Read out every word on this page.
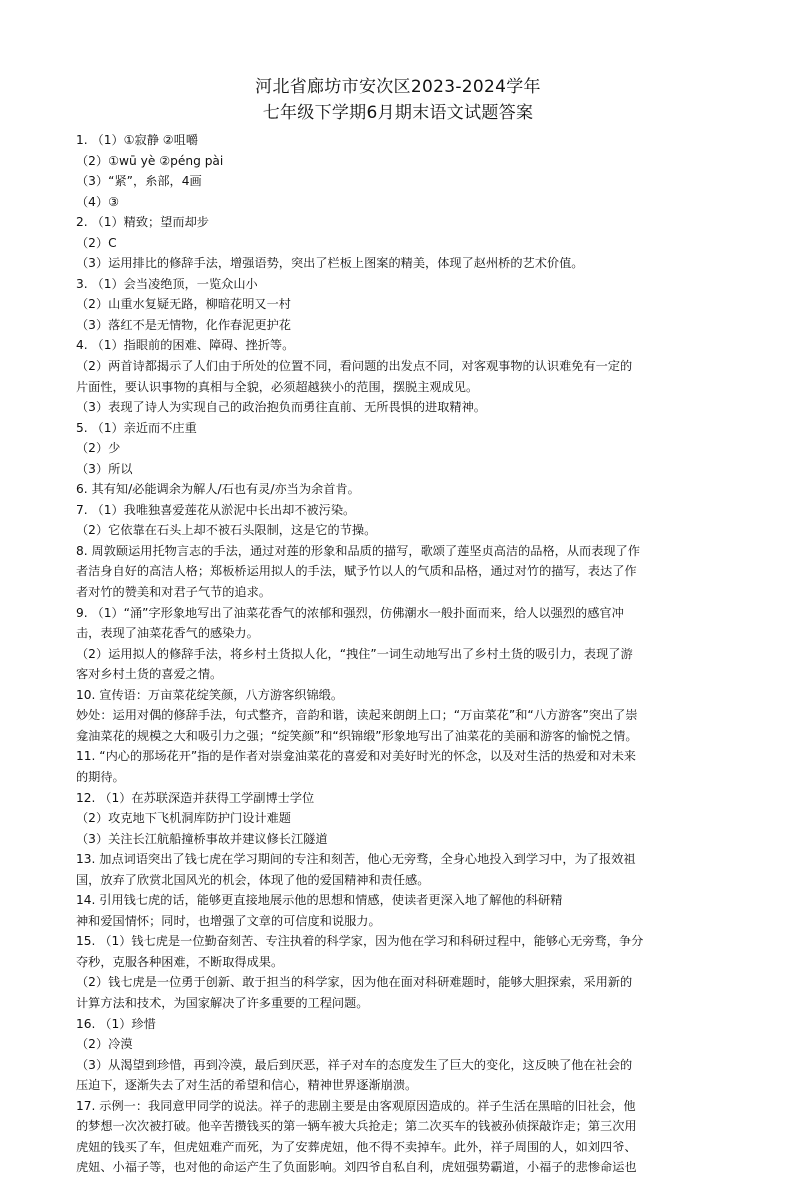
河北省廊坊市安次区2023-2024学年
七年级下学期6月期末语文试题答案
1. （1）①寂静 ②咀嚼
（2）①wū yè ②péng pài
（3）“紧”，糸部，4画
（4）③
2. （1）精致；望而却步
（2）C
（3）运用排比的修辞手法，增强语势，突出了栏板上图案的精美，体现了赵州桥的艺术价值。
3. （1）会当凌绝顶，一览众山小
（2）山重水复疑无路，柳暗花明又一村
（3）落红不是无情物，化作春泥更护花
4. （1）指眼前的困难、障碍、挫折等。
（2）两首诗都揭示了人们由于所处的位置不同，看问题的出发点不同，对客观事物的认识难免有一定的
片面性，要认识事物的真相与全貌，必须超越狭小的范围，摆脱主观成见。
（3）表现了诗人为实现自己的政治抱负而勇往直前、无所畏惧的进取精神。
5. （1）亲近而不庄重
（2）少
（3）所以
6. 其有知/必能调余为解人/石也有灵/亦当为余首肯。
7. （1）我唯独喜爱莲花从淤泥中长出却不被污染。
（2）它依靠在石头上却不被石头限制，这是它的节操。
8. 周敦颐运用托物言志的手法，通过对莲的形象和品质的描写，歌颂了莲坚贞高洁的品格，从而表现了作
者洁身自好的高洁人格；郑板桥运用拟人的手法，赋予竹以人的气质和品格，通过对竹的描写，表达了作
者对竹的赞美和对君子气节的追求。
9. （1）“涌”字形象地写出了油菜花香气的浓郁和强烈，仿佛潮水一般扑面而来，给人以强烈的感官冲
击，表现了油菜花香气的感染力。
（2）运用拟人的修辞手法，将乡村土货拟人化，“拽住”一词生动地写出了乡村土货的吸引力，表现了游
客对乡村土货的喜爱之情。
10. 宣传语：万亩菜花绽笑颜，八方游客织锦缎。
妙处：运用对偶的修辞手法，句式整齐，音韵和谐，读起来朗朗上口；“万亩菜花”和“八方游客”突出了崇
龛油菜花的规模之大和吸引力之强；“绽笑颜”和“织锦缎”形象地写出了油菜花的美丽和游客的愉悦之情。
11. “内心的那场花开”指的是作者对崇龛油菜花的喜爱和对美好时光的怀念，以及对生活的热爱和对未来
的期待。
12. （1）在苏联深造并获得工学副博士学位
（2）攻克地下飞机洞库防护门设计难题
（3）关注长江航船撞桥事故并建议修长江隧道
13. 加点词语突出了钱七虎在学习期间的专注和刻苦，他心无旁骛，全身心地投入到学习中，为了报效祖
国，放弃了欣赏北国风光的机会，体现了他的爱国精神和责任感。
14. 引用钱七虎的话，能够更直接地展示他的思想和情感，使读者更深入地了解他的科研精
神和爱国情怀；同时，也增强了文章的可信度和说服力。
15. （1）钱七虎是一位勤奋刻苦、专注执着的科学家，因为他在学习和科研过程中，能够心无旁骛，争分
夺秒，克服各种困难，不断取得成果。
（2）钱七虎是一位勇于创新、敢于担当的科学家，因为他在面对科研难题时，能够大胆探索，采用新的
计算方法和技术，为国家解决了许多重要的工程问题。
16. （1）珍惜
（2）冷漠
（3）从渴望到珍惜，再到冷漠，最后到厌恶，祥子对车的态度发生了巨大的变化，这反映了他在社会的
压迫下，逐渐失去了对生活的希望和信心，精神世界逐渐崩溃。
17. 示例一：我同意甲同学的说法。祥子的悲剧主要是由客观原因造成的。祥子生活在黑暗的旧社会，他
的梦想一次次被打破。他辛苦攒钱买的第一辆车被大兵抢走；第二次买车的钱被孙侦探敲诈走；第三次用
虎妞的钱买了车，但虎妞难产而死，为了安葬虎妞，他不得不卖掉车。此外，祥子周围的人，如刘四爷、
虎妞、小福子等，也对他的命运产生了负面影响。刘四爷自私自利，虎妞强势霸道，小福子的悲惨命运也
